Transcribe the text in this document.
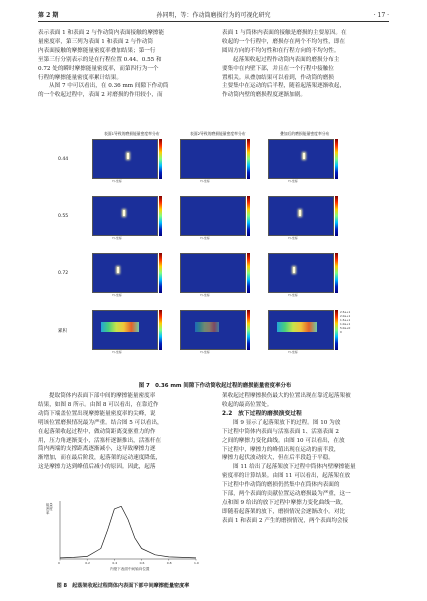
第 2 期	孙同明，等：作动筒磨损行为的可视化研究	· 17 ·

表示表面 1 和表面 2 与作动筒内表面接触的摩擦能

量密度率，第三列为表面 1 和表面 2 与作动筒

内表面接触的摩擦能量密度率叠加结果；第一行

至第三行分别表示的是在行程位置 0.44、0.55 和

0.72 处的瞬时摩擦能量密度率，而第四行为一个

行程的摩擦能量密度率累计结果。

从图 7 中可以看出，在 0.36 mm 间隙下作动筒

的一个收起过程中，表面 2 对磨损的作用较小，而

表面 1 与筒体内表面的接触是磨损的主要原因。在

收起的一个行程中，磨损存在两个不均匀性，即在

圆周方向的不均匀性和在行程方向的不均匀性。

起落架收起过程作动筒内表面的磨损分布主

要集中在内壁下部，并且在一个行程中接触位

置相关。从叠加结果可以看到，作动筒的磨损

主要集中在运动的后半程，随着起落架逐渐收起，

作动筒内壁的磨损程度逐渐加剧。

表面1导致的磨损能量密度率分布	表面2导致的磨损能量密度率分布	叠加后的磨损能量密度率分布
0.44
0.55
0.72
累积
Y/-坐标	Y/-坐标	Y/-坐标
Y/-坐标	Y/-坐标	Y/-坐标
Y/-坐标	Y/-坐标	Y/-坐标
Y/-坐标	Y/-坐标	Y/-坐标
2.5e+1
2.0e+1
1.5e+1
1.0e+1
5.0e+0
0
图 7　0.36 mm 间隙下作动筒收起过程的磨损能量密度率分布

提取筒体内表面下部中间的摩擦能量密度率

结果，如图 8 所示。由图 8 可以看出，在靠近作

动筒下端盖位置出现摩擦能量密度率的尖峰，说

明该位置磨损情况最为严重。结合图 5 可以看出，

在起落架收起过程中，做动筒距离变驱重力的作

用，压力角逐渐变小，活塞杆逐渐推出，活塞杆在

筒内两端的支撑距离逐渐减小，这导致摩擦力逐

渐增加，而在最后阶段，起落架的运动速度降低，

这是摩擦力达到峰值后减小的原因。因此，起落

架收起过程摩擦损伤最大的位置出现在靠近起落架被

收起的最高位置处。

2.2　放下过程的磨损演变过程

图 9 显示了起落架放下的过程。图 10 为放

下过程中筒体内表面与活塞表面 1、活塞表面 2

之间的摩擦力变化曲线。由图 10 可以看出，在放

下过程中，摩擦力的峰值出现在运动的前半段，

摩擦力起伏波动较大，但在后半段趋于平稳。

图 11 给出了起落架放下过程中筒体内壁摩擦能量

密度率的计算结果。由图 11 可以看出，起落架在放

下过程中作动筒的磨损仍然集中在筒体内表面的

下部，两个表面的贡献位置运动磨损最为严重，这一

点和图 9 给出的放下过程中摩擦力变化曲线一致，

即随着起落架的放下，磨损情况会逐渐改小。对比

表面 1 和表面 2 产生的磨损情况，两个表面均会接

能量密度率
内壁下表面中间轴向位置
0	0.2	0.4	0.6	0.8	1.0
图 8　起落架收起过程筒体内表面下部中间摩擦能量密度率
